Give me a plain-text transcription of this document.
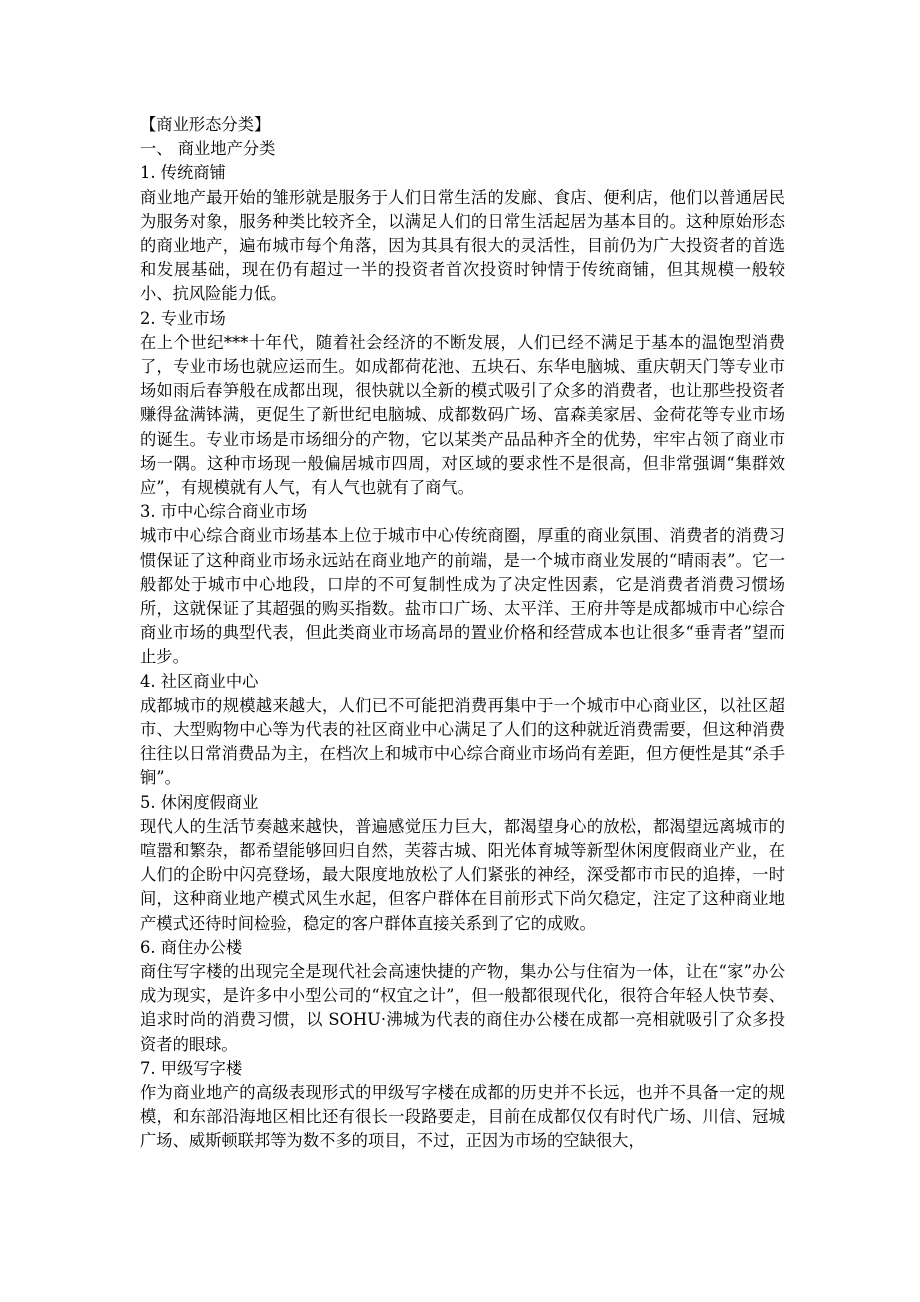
【商业形态分类】
一、 商业地产分类
1. 传统商铺
商业地产最开始的雏形就是服务于人们日常生活的发廊、食店、便利店，他们以普通居民为服务对象，服务种类比较齐全，以满足人们的日常生活起居为基本目的。这种原始形态的商业地产，遍布城市每个角落，因为其具有很大的灵活性，目前仍为广大投资者的首选和发展基础，现在仍有超过一半的投资者首次投资时钟情于传统商铺，但其规模一般较小、抗风险能力低。
2. 专业市场
在上个世纪***十年代，随着社会经济的不断发展，人们已经不满足于基本的温饱型消费了，专业市场也就应运而生。如成都荷花池、五块石、东华电脑城、重庆朝天门等专业市场如雨后春笋般在成都出现，很快就以全新的模式吸引了众多的消费者，也让那些投资者赚得盆满钵满，更促生了新世纪电脑城、成都数码广场、富森美家居、金荷花等专业市场的诞生。专业市场是市场细分的产物，它以某类产品品种齐全的优势，牢牢占领了商业市场一隅。这种市场现一般偏居城市四周，对区域的要求性不是很高，但非常强调“集群效应”，有规模就有人气，有人气也就有了商气。
3. 市中心综合商业市场
城市中心综合商业市场基本上位于城市中心传统商圈，厚重的商业氛围、消费者的消费习惯保证了这种商业市场永远站在商业地产的前端，是一个城市商业发展的“晴雨表”。它一般都处于城市中心地段，口岸的不可复制性成为了决定性因素，它是消费者消费习惯场所，这就保证了其超强的购买指数。盐市口广场、太平洋、王府井等是成都城市中心综合商业市场的典型代表，但此类商业市场高昂的置业价格和经营成本也让很多“垂青者”望而止步。
4. 社区商业中心
成都城市的规模越来越大，人们已不可能把消费再集中于一个城市中心商业区，以社区超市、大型购物中心等为代表的社区商业中心满足了人们的这种就近消费需要，但这种消费往往以日常消费品为主，在档次上和城市中心综合商业市场尚有差距，但方便性是其“杀手锏”。
5. 休闲度假商业
现代人的生活节奏越来越快，普遍感觉压力巨大，都渴望身心的放松，都渴望远离城市的喧嚣和繁杂，都希望能够回归自然，芙蓉古城、阳光体育城等新型休闲度假商业产业，在人们的企盼中闪亮登场，最大限度地放松了人们紧张的神经，深受都市市民的追捧，一时间，这种商业地产模式风生水起，但客户群体在目前形式下尚欠稳定，注定了这种商业地产模式还待时间检验，稳定的客户群体直接关系到了它的成败。
6. 商住办公楼
商住写字楼的出现完全是现代社会高速快捷的产物，集办公与住宿为一体，让在“家”办公成为现实，是许多中小型公司的“权宜之计”，但一般都很现代化，很符合年轻人快节奏、追求时尚的消费习惯，以 SOHU·沸城为代表的商住办公楼在成都一亮相就吸引了众多投资者的眼球。
7. 甲级写字楼
作为商业地产的高级表现形式的甲级写字楼在成都的历史并不长远，也并不具备一定的规模，和东部沿海地区相比还有很长一段路要走，目前在成都仅仅有时代广场、川信、冠城广场、威斯顿联邦等为数不多的项目，不过，正因为市场的空缺很大，
